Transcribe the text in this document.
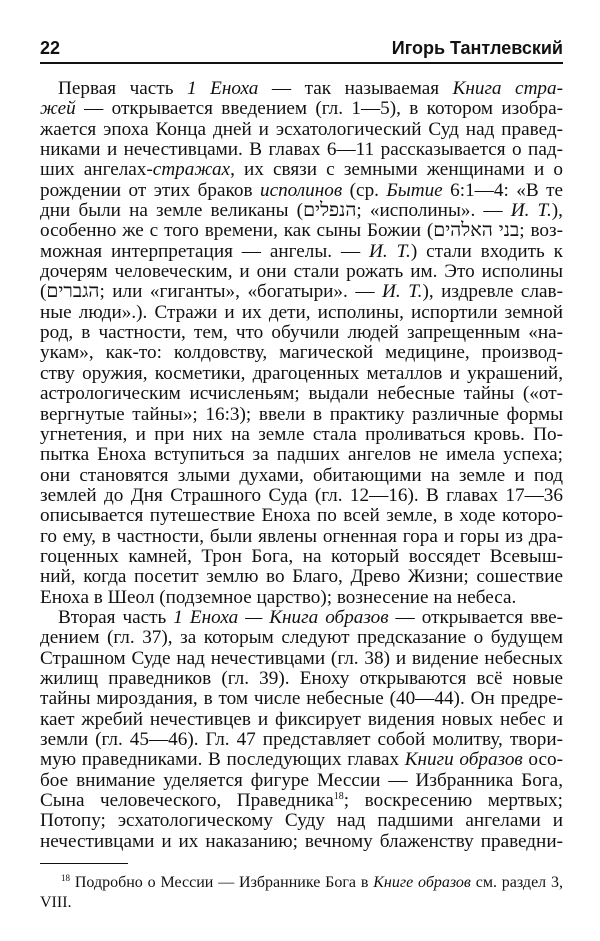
22	Игорь Тантлевский
Первая часть 1 Еноха — так называемая Книга стра-
жей — открывается введением (гл. 1—5), в котором изобра-
жается эпоха Конца дней и эсхатологический Суд над правед-
никами и нечестивцами. В главах 6—11 рассказывается о пад-
ших ангелах-стражах, их связи с земными женщинами и о
рождении от этих браков исполинов (ср. Бытие 6:1—4: «В те
дни были на земле великаны (⁧הנפלים⁩; «исполины». — И. Т.),
особенно же с того времени, как сыны Божии (⁧בני האלהים⁩; воз-
можная интерпретация — ангелы. — И. Т.) стали входить к
дочерям человеческим, и они стали рожать им. Это исполины
(⁧הגברים⁩; или «гиганты», «богатыри». — И. Т.), издревле слав-
ные люди».). Стражи и их дети, исполины, испортили земной
род, в частности, тем, что обучили людей запрещенным «на-
укам», как-то: колдовству, магической медицине, производ-
ству оружия, косметики, драгоценных металлов и украшений,
астрологическим исчисленьям; выдали небесные тайны («от-
вергнутые тайны»; 16:3); ввели в практику различные формы
угнетения, и при них на земле стала проливаться кровь. По-
пытка Еноха вступиться за падших ангелов не имела успеха;
они становятся злыми духами, обитающими на земле и под
землей до Дня Страшного Суда (гл. 12—16). В главах 17—36
описывается путешествие Еноха по всей земле, в ходе которо-
го ему, в частности, были явлены огненная гора и горы из дра-
гоценных камней, Трон Бога, на который воссядет Всевыш-
ний, когда посетит землю во Благо, Древо Жизни; сошествие
Еноха в Шеол (подземное царство); вознесение на небеса.
Вторая часть 1 Еноха — Книга образов — открывается вве-
дением (гл. 37), за которым следуют предсказание о будущем
Страшном Суде над нечестивцами (гл. 38) и видение небесных
жилищ праведников (гл. 39). Еноху открываются всё новые
тайны мироздания, в том числе небесные (40—44). Он предре-
кает жребий нечестивцев и фиксирует видения новых небес и
земли (гл. 45—46). Гл. 47 представляет собой молитву, твори-
мую праведниками. В последующих главах Книги образов осо-
бое внимание уделяется фигуре Мессии — Избранника Бога,
Сына человеческого, Праведника$^{18}$; воскресению мертвых;
Потопу; эсхатологическому Суду над падшими ангелами и
нечестивцами и их наказанию; вечному блаженству праведни-
$^{18}$ Подробно о Мессии — Избраннике Бога в Книге образов см. раздел 3,
VIII.
